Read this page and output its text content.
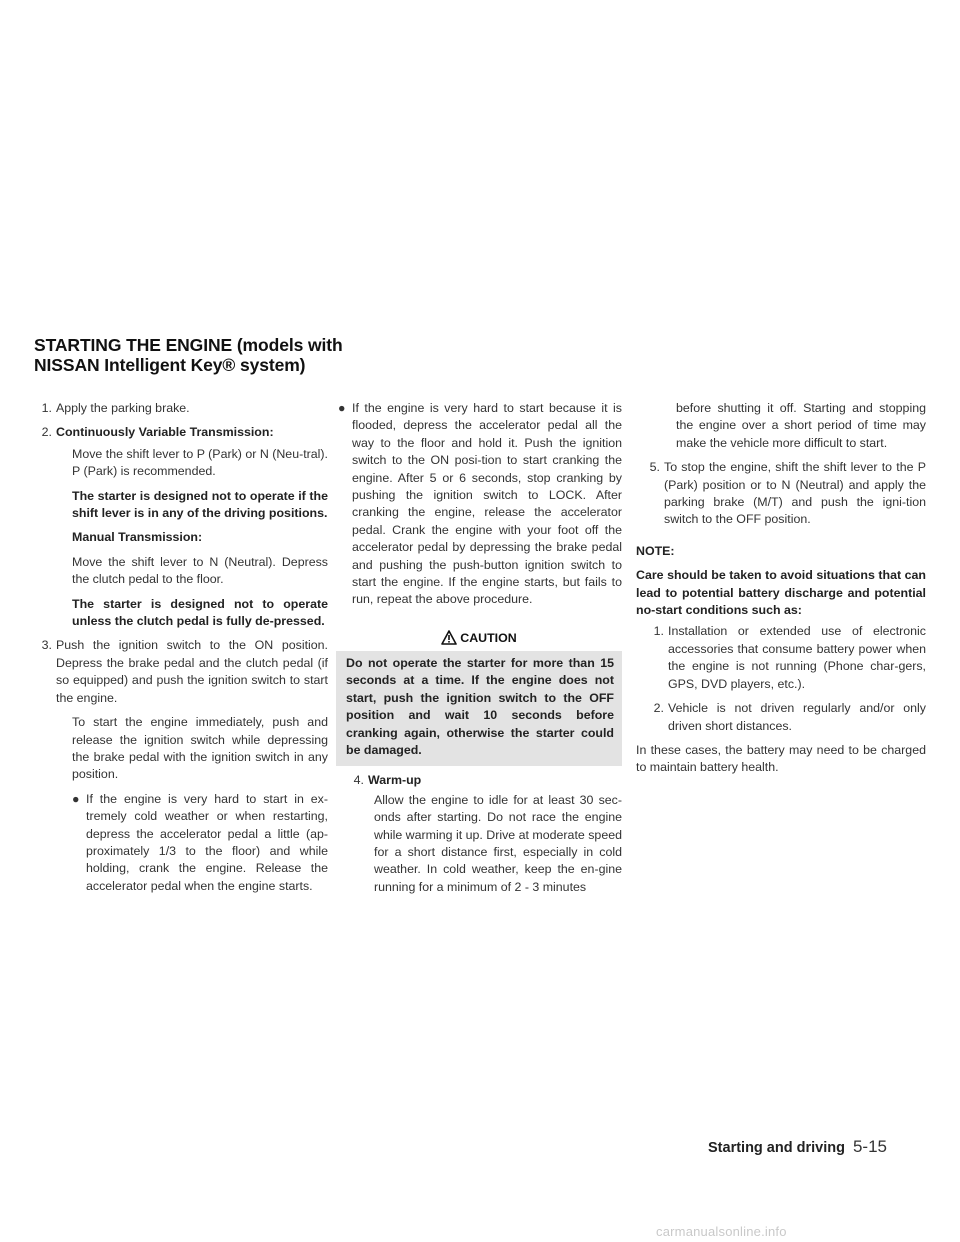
STARTING THE ENGINE (models with
NISSAN Intelligent Key® system)
1. Apply the parking brake.
2. Continuously Variable Transmission:

Move the shift lever to P (Park) or N (Neu-tral). P (Park) is recommended.

The starter is designed not to operate if the shift lever is in any of the driving positions.

Manual Transmission:

Move the shift lever to N (Neutral). Depress the clutch pedal to the floor.

The starter is designed not to operate unless the clutch pedal is fully de-pressed.

3. Push the ignition switch to the ON position. Depress the brake pedal and the clutch pedal (if so equipped) and push the ignition switch to start the engine.

To start the engine immediately, push and release the ignition switch while depressing the brake pedal with the ignition switch in any position.

● If the engine is very hard to start in ex-tremely cold weather or when restarting, depress the accelerator pedal a little (ap-proximately 1/3 to the floor) and while holding, crank the engine. Release the accelerator pedal when the engine starts.
● If the engine is very hard to start because it is flooded, depress the accelerator pedal all the way to the floor and hold it. Push the ignition switch to the ON posi-tion to start cranking the engine. After 5 or 6 seconds, stop cranking by pushing the ignition switch to LOCK. After cranking the engine, release the accelerator pedal. Crank the engine with your foot off the accelerator pedal by depressing the brake pedal and pushing the push-button ignition switch to start the engine. If the engine starts, but fails to run, repeat the above procedure.
CAUTION
Do not operate the starter for more than 15 seconds at a time. If the engine does not start, push the ignition switch to the OFF position and wait 10 seconds before cranking again, otherwise the starter could be damaged.
4. Warm-up

Allow the engine to idle for at least 30 sec-onds after starting. Do not race the engine while warming it up. Drive at moderate speed for a short distance first, especially in cold weather. In cold weather, keep the en-gine running for a minimum of 2 - 3 minutes

before shutting it off. Starting and stopping the engine over a short period of time may make the vehicle more difficult to start.

5. To stop the engine, shift the shift lever to the P (Park) position or to N (Neutral) and apply the parking brake (M/T) and push the igni-tion switch to the OFF position.

NOTE:

Care should be taken to avoid situations that can lead to potential battery discharge and potential no-start conditions such as:

1. Installation or extended use of electronic accessories that consume battery power when the engine is not running (Phone char-gers, GPS, DVD players, etc.).
2. Vehicle is not driven regularly and/or only driven short distances.

In these cases, the battery may need to be charged to maintain battery health.

Starting and driving 5-15
carmanualsonline.info
